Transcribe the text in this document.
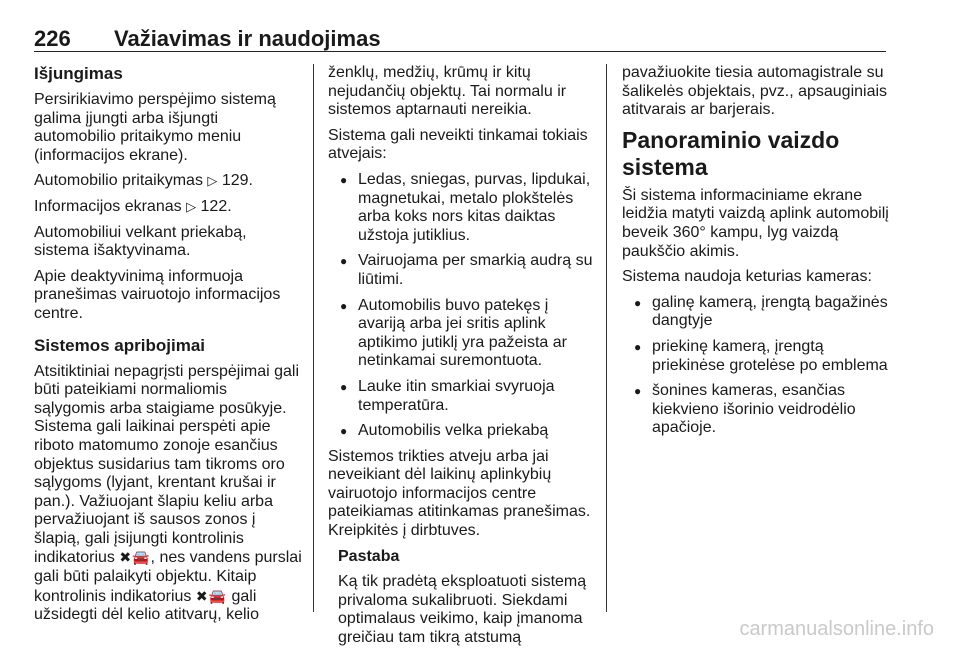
226 Važiavimas ir naudojimas
Išjungimas

Persirikiavimo perspėjimo sistemą galima įjungti arba išjungti automobilio pritaikymo meniu (informacijos ekrane).

Automobilio pritaikymas ▷ 129.

Informacijos ekranas ▷ 122.

Automobiliui velkant priekabą, sistema išaktyvinama.

Apie deaktyvinimą informuoja pranešimas vairuotojo informacijos centre.

Sistemos apribojimai

Atsitiktiniai nepagrįsti perspėjimai gali būti pateikiami normaliomis sąlygomis arba staigiame posūkyje. Sistema gali laikinai perspėti apie riboto matomumo zonoje esančius objektus susidarius tam tikroms oro sąlygoms (lyjant, krentant krušai ir pan.). Važiuojant šlapiu keliu arba pervažiuojant iš sausos zonos į šlapią, gali įsijungti kontrolinis indikatorius ✖🚘, nes vandens purslai gali būti palaikyti objektu. Kitaip kontrolinis indikatorius ✖🚘 gali užsidegti dėl kelio atitvarų, kelio

ženklų, medžių, krūmų ir kitų nejudančių objektų. Tai normalu ir sistemos aptarnauti nereikia.

Sistema gali neveikti tinkamai tokiais atvejais:

● Ledas, sniegas, purvas, lipdukai, magnetukai, metalo plokštelės arba koks nors kitas daiktas užstoja jutiklius.
● Vairuojama per smarkią audrą su liūtimi.
● Automobilis buvo patekęs į avariją arba jei sritis aplink aptikimo jutiklį yra pažeista ar netinkamai suremontuota.
● Lauke itin smarkiai svyruoja temperatūra.
● Automobilis velka priekabą

Sistemos trikties atveju arba jai neveikiant dėl laikinų aplinkybių vairuotojo informacijos centre pateikiamas atitinkamas pranešimas. Kreipkitės į dirbtuves.

Pastaba

Ką tik pradėtą eksploatuoti sistemą privaloma sukalibruoti. Siekdami optimalaus veikimo, kaip įmanoma greičiau tam tikrą atstumą

pavažiuokite tiesia automagistrale su šalikelės objektais, pvz., apsauginiais atitvarais ar barjerais.

Panoraminio vaizdo sistema

Ši sistema informaciniame ekrane leidžia matyti vaizdą aplink automobilį beveik 360° kampu, lyg vaizdą paukščio akimis.

Sistema naudoja keturias kameras:

● galinę kamerą, įrengtą bagažinės dangtyje
● priekinę kamerą, įrengtą priekinėse grotelėse po emblema
● šonines kameras, esančias kiekvieno išorinio veidrodėlio apačioje.
carmanualsonline.info
